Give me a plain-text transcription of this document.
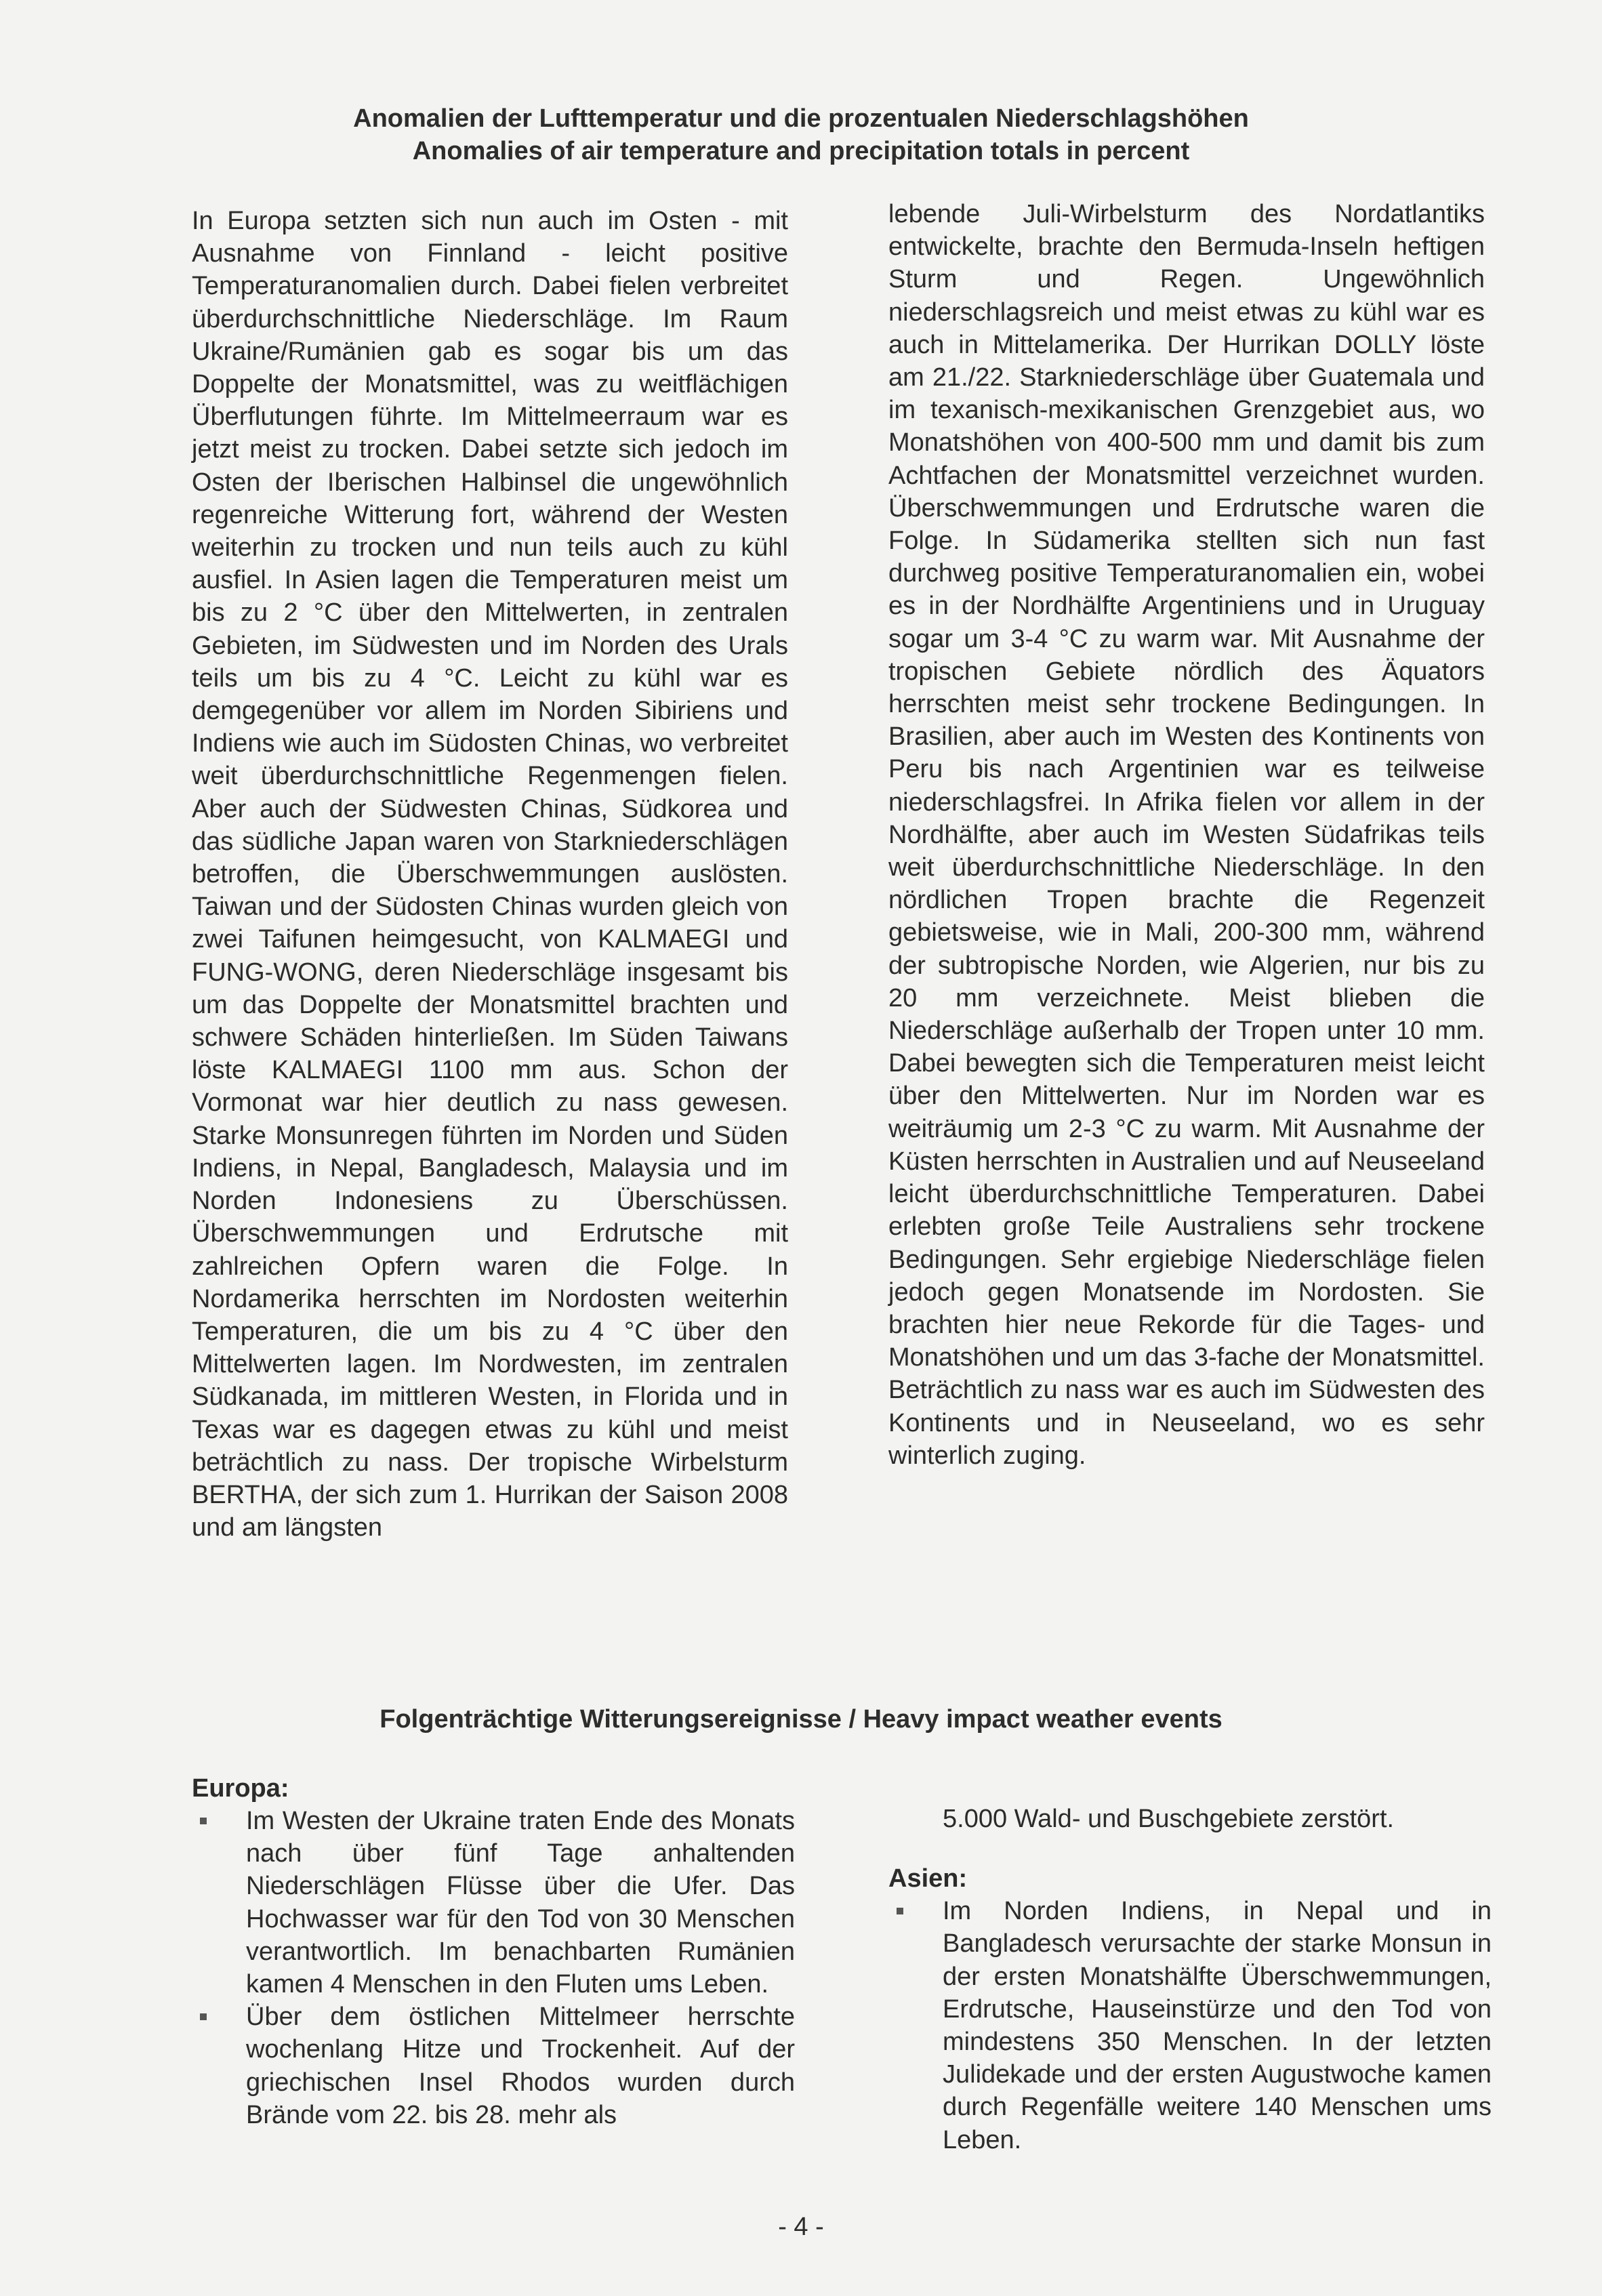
Anomalien der Lufttemperatur und die prozentualen Niederschlagshöhen
Anomalies of air temperature and precipitation totals in percent

In Europa setzten sich nun auch im Osten - mit Ausnahme von Finnland - leicht positive Temperaturanomalien durch. Dabei fielen verbreitet überdurchschnittliche Niederschläge. Im Raum Ukraine/Rumänien gab es sogar bis um das Doppelte der Monatsmittel, was zu weitflächigen Überflutungen führte. Im Mittelmeerraum war es jetzt meist zu trocken. Dabei setzte sich jedoch im Osten der Iberischen Halbinsel die ungewöhnlich regenreiche Witterung fort, während der Westen weiterhin zu trocken und nun teils auch zu kühl ausfiel. In Asien lagen die Temperaturen meist um bis zu 2 °C über den Mittelwerten, in zentralen Gebieten, im Südwesten und im Norden des Urals teils um bis zu 4 °C. Leicht zu kühl war es demgegenüber vor allem im Norden Sibiriens und Indiens wie auch im Südosten Chinas, wo verbreitet weit überdurchschnittliche Regenmengen fielen. Aber auch der Südwesten Chinas, Südkorea und das südliche Japan waren von Starkniederschlägen betroffen, die Überschwemmungen auslösten. Taiwan und der Südosten Chinas wurden gleich von zwei Taifunen heimgesucht, von KALMAEGI und FUNG-WONG, deren Niederschläge insgesamt bis um das Doppelte der Monatsmittel brachten und schwere Schäden hinterließen. Im Süden Taiwans löste KALMAEGI 1100 mm aus. Schon der Vormonat war hier deutlich zu nass gewesen. Starke Monsunregen führten im Norden und Süden Indiens, in Nepal, Bangladesch, Malaysia und im Norden Indonesiens zu Überschüssen. Überschwemmungen und Erdrutsche mit zahlreichen Opfern waren die Folge. In Nordamerika herrschten im Nordosten weiterhin Temperaturen, die um bis zu 4 °C über den Mittelwerten lagen. Im Nordwesten, im zentralen Südkanada, im mittleren Westen, in Florida und in Texas war es dagegen etwas zu kühl und meist beträchtlich zu nass. Der tropische Wirbelsturm BERTHA, der sich zum 1. Hurrikan der Saison 2008 und am längsten

lebende Juli-Wirbelsturm des Nordatlantiks entwickelte, brachte den Bermuda-Inseln heftigen Sturm und Regen. Ungewöhnlich niederschlagsreich und meist etwas zu kühl war es auch in Mittelamerika. Der Hurrikan DOLLY löste am 21./22. Starkniederschläge über Guatemala und im texanisch-mexikanischen Grenzgebiet aus, wo Monatshöhen von 400-500 mm und damit bis zum Achtfachen der Monatsmittel verzeichnet wurden. Überschwemmungen und Erdrutsche waren die Folge. In Südamerika stellten sich nun fast durchweg positive Temperaturanomalien ein, wobei es in der Nordhälfte Argentiniens und in Uruguay sogar um 3-4 °C zu warm war. Mit Ausnahme der tropischen Gebiete nördlich des Äquators herrschten meist sehr trockene Bedingungen. In Brasilien, aber auch im Westen des Kontinents von Peru bis nach Argentinien war es teilweise niederschlagsfrei. In Afrika fielen vor allem in der Nordhälfte, aber auch im Westen Südafrikas teils weit überdurchschnittliche Niederschläge. In den nördlichen Tropen brachte die Regenzeit gebietsweise, wie in Mali, 200-300 mm, während der subtropische Norden, wie Algerien, nur bis zu 20 mm verzeichnete. Meist blieben die Niederschläge außerhalb der Tropen unter 10 mm. Dabei bewegten sich die Temperaturen meist leicht über den Mittelwerten. Nur im Norden war es weiträumig um 2-3 °C zu warm. Mit Ausnahme der Küsten herrschten in Australien und auf Neuseeland leicht überdurchschnittliche Temperaturen. Dabei erlebten große Teile Australiens sehr trockene Bedingungen. Sehr ergiebige Niederschläge fielen jedoch gegen Monatsende im Nordosten. Sie brachten hier neue Rekorde für die Tages- und Monatshöhen und um das 3-fache der Monatsmittel. Beträchtlich zu nass war es auch im Südwesten des Kontinents und in Neuseeland, wo es sehr winterlich zuging.

Folgenträchtige Witterungsereignisse / Heavy impact weather events

Europa:

Im Westen der Ukraine traten Ende des Monats nach über fünf Tage anhaltenden Niederschlägen Flüsse über die Ufer. Das Hochwasser war für den Tod von 30 Menschen verantwortlich. Im benachbarten Rumänien kamen 4 Menschen in den Fluten ums Leben.
Über dem östlichen Mittelmeer herrschte wochenlang Hitze und Trockenheit. Auf der griechischen Insel Rhodos wurden durch Brände vom 22. bis 28. mehr als

5.000 Wald- und Buschgebiete zerstört.

Asien:

Im Norden Indiens, in Nepal und in Bangladesch verursachte der starke Monsun in der ersten Monatshälfte Überschwemmungen, Erdrutsche, Hauseinstürze und den Tod von mindestens 350 Menschen. In der letzten Julidekade und der ersten Augustwoche kamen durch Regenfälle weitere 140 Menschen ums Leben.
- 4 -
